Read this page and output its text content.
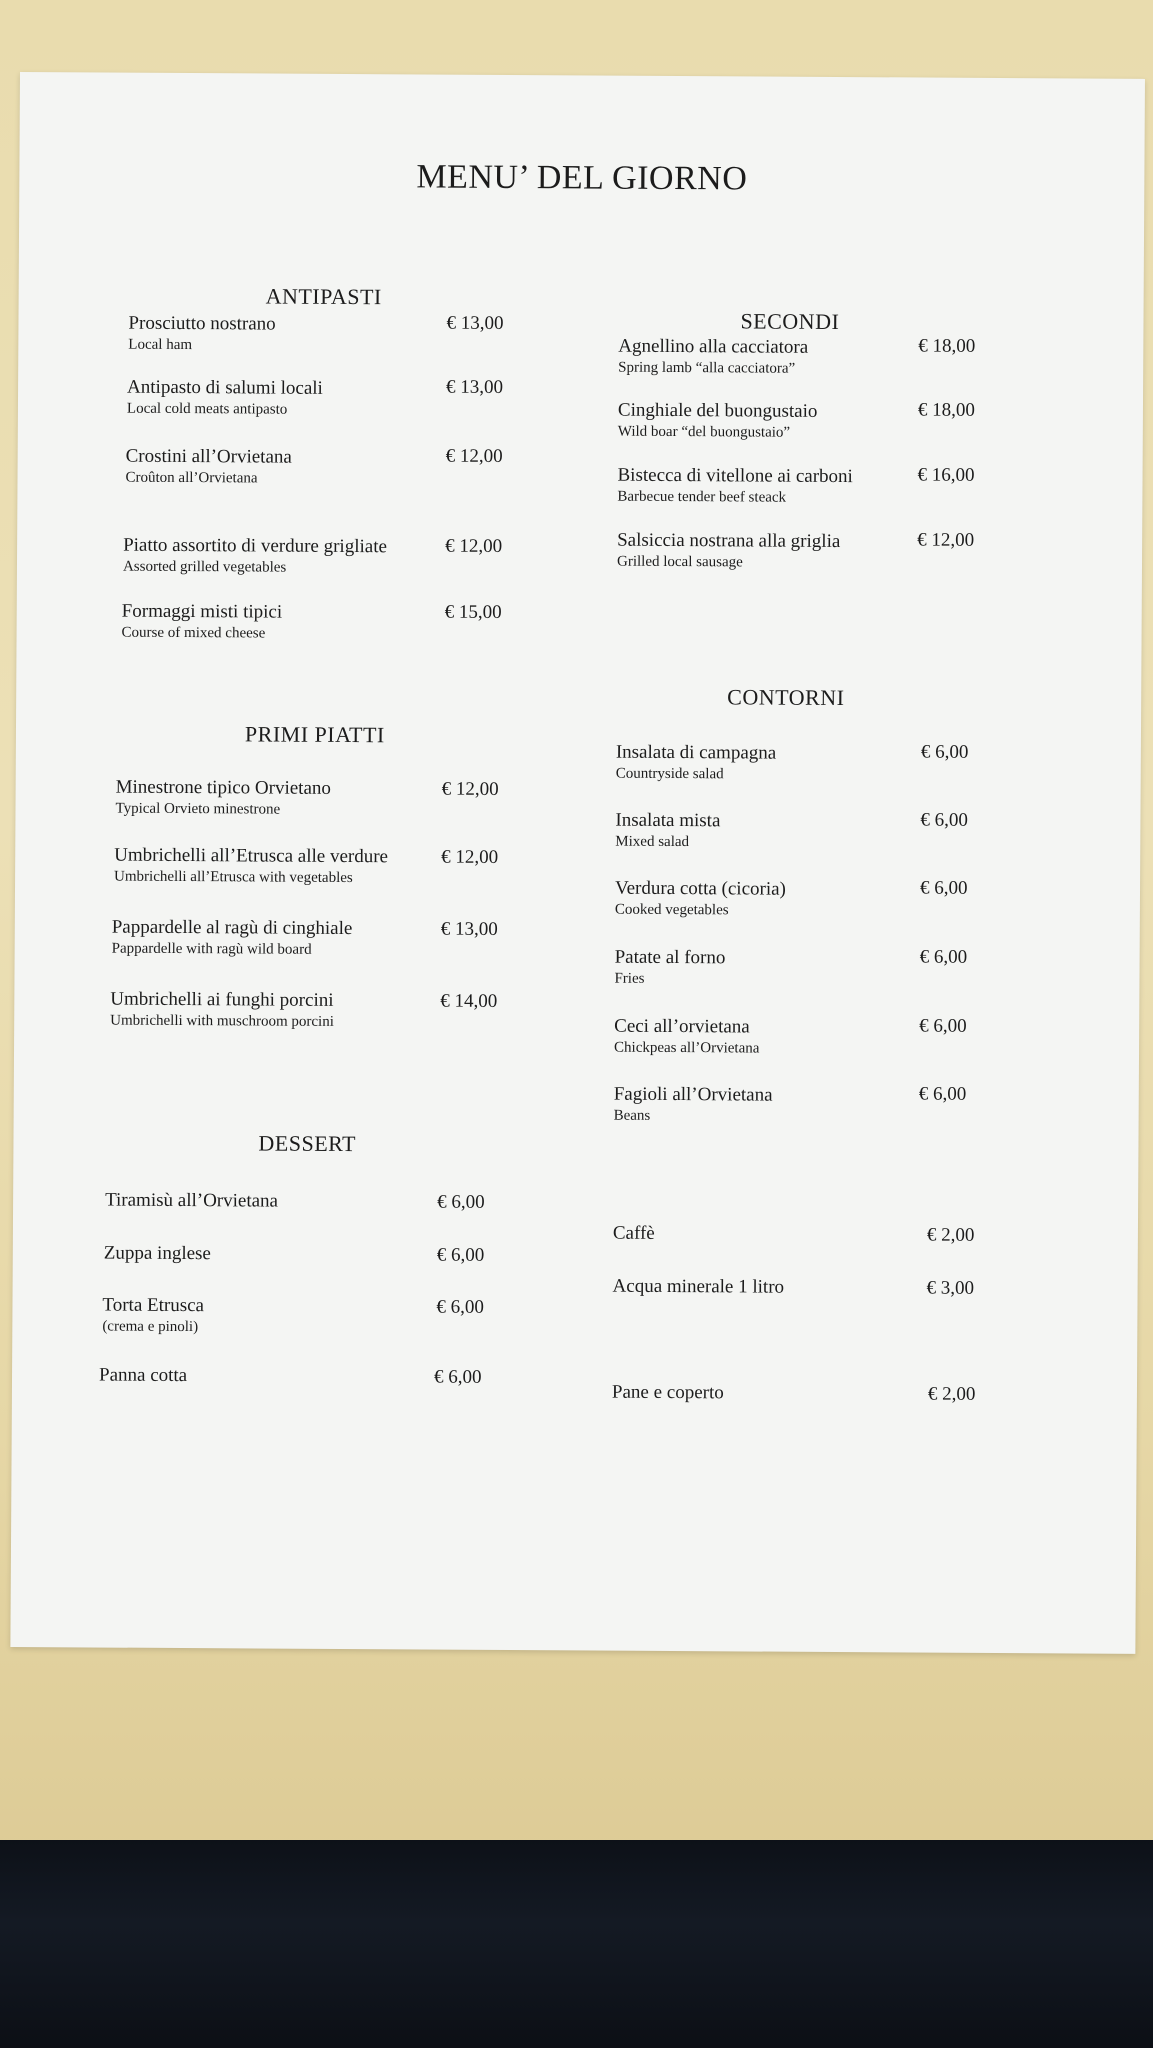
MENU’ DEL GIORNO
ANTIPASTI
Prosciutto nostrano
Local ham
€ 13,00
Antipasto di salumi locali
Local cold meats antipasto
€ 13,00
Crostini all’Orvietana
Croûton all’Orvietana
€ 12,00
Piatto assortito di verdure grigliate
Assorted grilled vegetables
€ 12,00
Formaggi misti tipici
Course of mixed cheese
€ 15,00
PRIMI PIATTI
Minestrone tipico Orvietano
Typical Orvieto minestrone
€ 12,00
Umbrichelli all’Etrusca alle verdure
Umbrichelli all’Etrusca with vegetables
€ 12,00
Pappardelle al ragù di cinghiale
Pappardelle with ragù wild board
€ 13,00
Umbrichelli ai funghi porcini
Umbrichelli with muschroom porcini
€ 14,00
DESSERT
Tiramisù all’Orvietana	€ 6,00
Zuppa inglese	€ 6,00
Torta Etrusca
(crema e pinoli)
€ 6,00
Panna cotta	€ 6,00
SECONDI
Agnellino alla cacciatora
Spring lamb “alla cacciatora”
€ 18,00
Cinghiale del buongustaio
Wild boar “del buongustaio”
€ 18,00
Bistecca di vitellone ai carboni
Barbecue tender beef steack
€ 16,00
Salsiccia nostrana alla griglia
Grilled local sausage
€ 12,00
CONTORNI
Insalata di campagna
Countryside salad
€ 6,00
Insalata mista
Mixed salad
€ 6,00
Verdura cotta (cicoria)
Cooked vegetables
€ 6,00
Patate al forno
Fries
€ 6,00
Ceci all’orvietana
Chickpeas all’Orvietana
€ 6,00
Fagioli all’Orvietana
Beans
€ 6,00
Caffè	€ 2,00
Acqua minerale 1 litro	€ 3,00
Pane e coperto	€ 2,00
